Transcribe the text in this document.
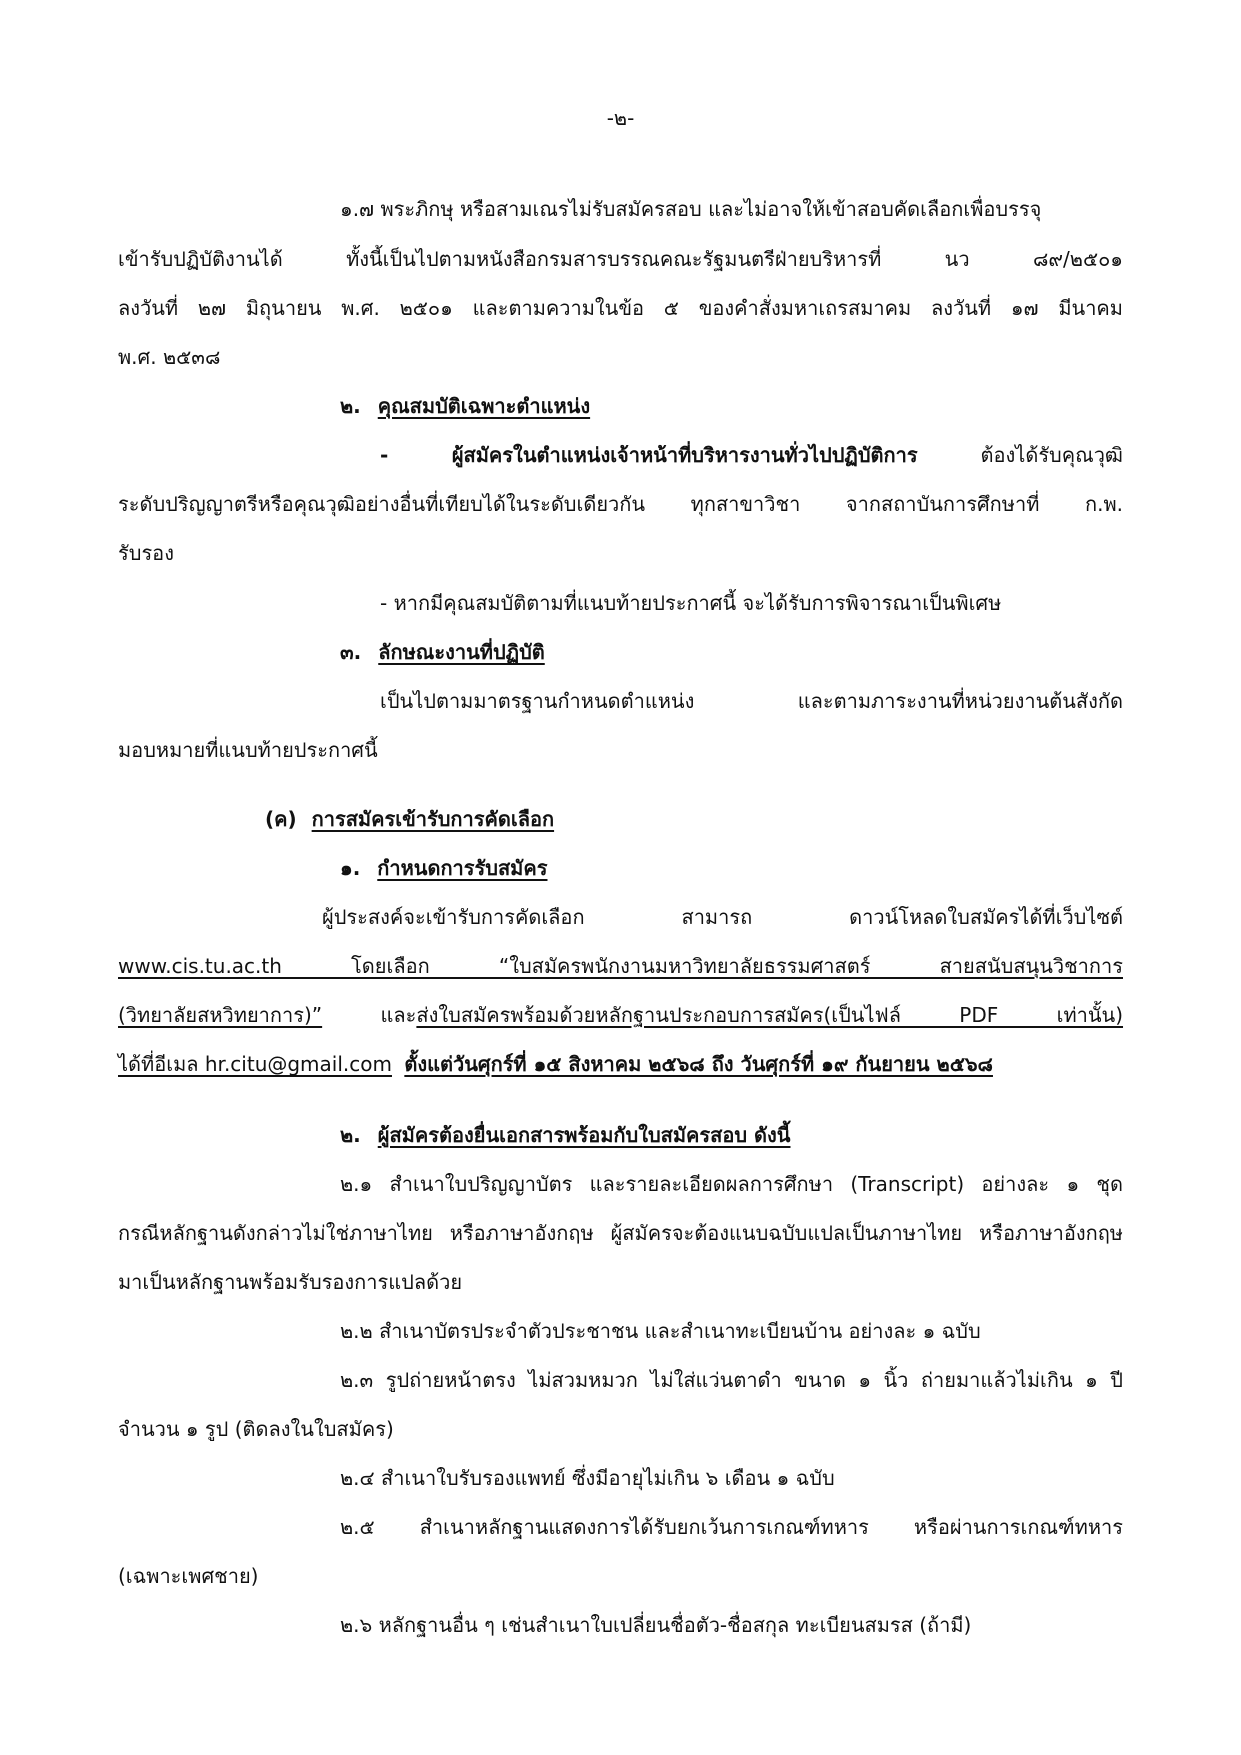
-๒-
๑.๗ พระภิกษุ หรือสามเณรไม่รับสมัครสอบ และไม่อาจให้เข้าสอบคัดเลือกเพื่อบรรจุ
เข้ารับปฏิบัติงานได้ ทั้งนี้เป็นไปตามหนังสือกรมสารบรรณคณะรัฐมนตรีฝ่ายบริหารที่ นว ๘๙/๒๕๐๑
ลงวันที่ ๒๗ มิถุนายน พ.ศ. ๒๕๐๑ และตามความในข้อ ๕ ของคำสั่งมหาเถรสมาคม ลงวันที่ ๑๗ มีนาคม
พ.ศ. ๒๕๓๘
๒. คุณสมบัติเฉพาะตำแหน่ง
- ผู้สมัครในตำแหน่งเจ้าหน้าที่บริหารงานทั่วไปปฏิบัติการ ต้องได้รับคุณวุฒิ
ระดับปริญญาตรีหรือคุณวุฒิอย่างอื่นที่เทียบได้ในระดับเดียวกัน ทุกสาขาวิชา จากสถาบันการศึกษาที่ ก.พ.
รับรอง
- หากมีคุณสมบัติตามที่แนบท้ายประกาศนี้ จะได้รับการพิจารณาเป็นพิเศษ
๓. ลักษณะงานที่ปฏิบัติ
เป็นไปตามมาตรฐานกำหนดตำแหน่ง และตามภาระงานที่หน่วยงานต้นสังกัด
มอบหมายที่แนบท้ายประกาศนี้
(ค) การสมัครเข้ารับการคัดเลือก
๑. กำหนดการรับสมัคร
ผู้ประสงค์จะเข้ารับการคัดเลือก สามารถ ดาวน์โหลดใบสมัครได้ที่เว็บไซต์
www.cis.tu.ac.th โดยเลือก “ใบสมัครพนักงานมหาวิทยาลัยธรรมศาสตร์ สายสนับสนุนวิชาการ
(วิทยาลัยสหวิทยาการ)” และส่งใบสมัครพร้อมด้วยหลักฐานประกอบการสมัคร(เป็นไฟล์ PDF เท่านั้น)
ได้ที่อีเมล hr.citu@gmail.com ตั้งแต่วันศุกร์ที่ ๑๕ สิงหาคม ๒๕๖๘ ถึง วันศุกร์ที่ ๑๙ กันยายน ๒๕๖๘
๒. ผู้สมัครต้องยื่นเอกสารพร้อมกับใบสมัครสอบ ดังนี้
๒.๑ สำเนาใบปริญญาบัตร และรายละเอียดผลการศึกษา (Transcript) อย่างละ ๑ ชุด
กรณีหลักฐานดังกล่าวไม่ใช่ภาษาไทย หรือภาษาอังกฤษ ผู้สมัครจะต้องแนบฉบับแปลเป็นภาษาไทย หรือภาษาอังกฤษ
มาเป็นหลักฐานพร้อมรับรองการแปลด้วย
๒.๒ สำเนาบัตรประจำตัวประชาชน และสำเนาทะเบียนบ้าน อย่างละ ๑ ฉบับ
๒.๓ รูปถ่ายหน้าตรง ไม่สวมหมวก ไม่ใส่แว่นตาดำ ขนาด ๑ นิ้ว ถ่ายมาแล้วไม่เกิน ๑ ปี
จำนวน ๑ รูป (ติดลงในใบสมัคร)
๒.๔ สำเนาใบรับรองแพทย์ ซึ่งมีอายุไม่เกิน ๖ เดือน ๑ ฉบับ
๒.๕ สำเนาหลักฐานแสดงการได้รับยกเว้นการเกณฑ์ทหาร หรือผ่านการเกณฑ์ทหาร
(เฉพาะเพศชาย)
๒.๖ หลักฐานอื่น ๆ เช่นสำเนาใบเปลี่ยนชื่อตัว-ชื่อสกุล ทะเบียนสมรส (ถ้ามี)
